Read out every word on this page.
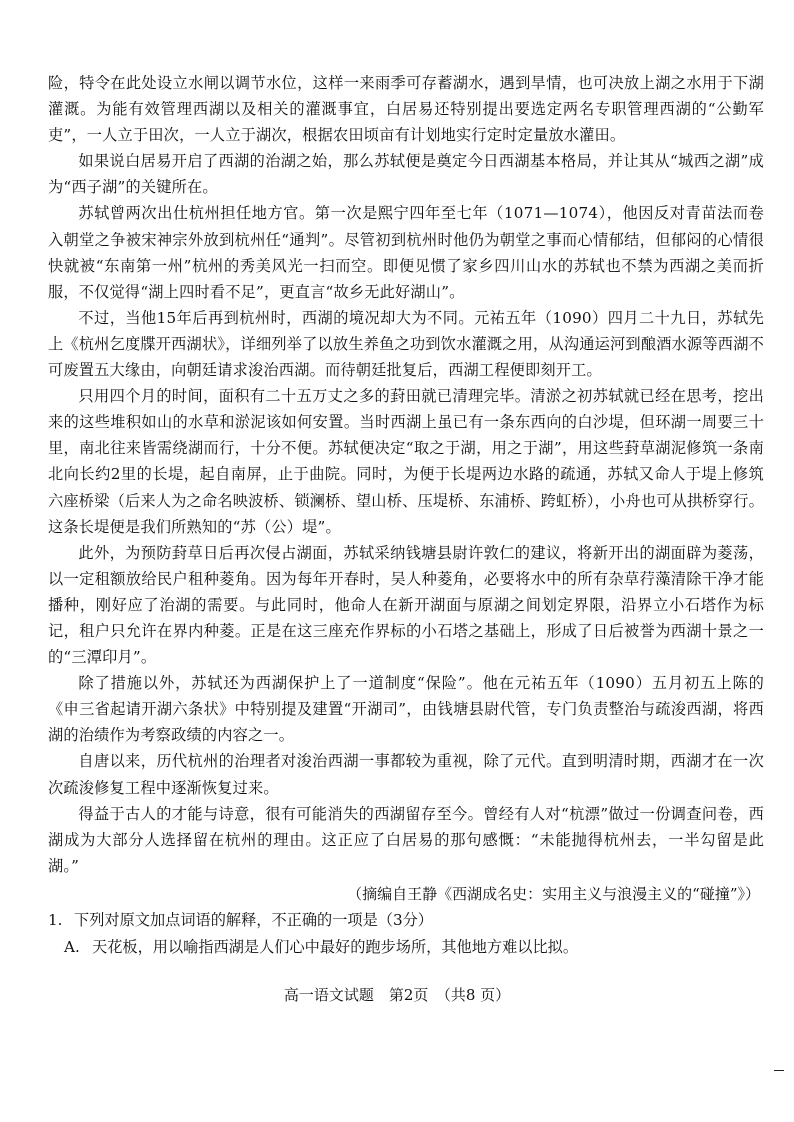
险，特令在此处设立水闸以调节水位，这样一来雨季可存蓄湖水，遇到旱情，也可决放上湖之水用于下湖灌溉。为能有效管理西湖以及相关的灌溉事宜，白居易还特别提出要选定两名专职管理西湖的“公勤军吏”，一人立于田次，一人立于湖次，根据农田顷亩有计划地实行定时定量放水灌田。

如果说白居易开启了西湖的治湖之始，那么苏轼便是奠定今日西湖基本格局，并让其从“城西之湖”成为“西子湖”的关键所在。

苏轼曾两次出仕杭州担任地方官。第一次是熙宁四年至七年（1071—1074），他因反对青苗法而卷入朝堂之争被宋神宗外放到杭州任“通判”。尽管初到杭州时他仍为朝堂之事而心情郁结，但郁闷的心情很快就被“东南第一州”杭州的秀美风光一扫而空。即便见惯了家乡四川山水的苏轼也不禁为西湖之美而折服，不仅觉得“湖上四时看不足”，更直言“故乡无此好湖山”。

不过，当他15年后再到杭州时，西湖的境况却大为不同。元祐五年（1090）四月二十九日，苏轼先上《杭州乞度牒开西湖状》，详细列举了以放生养鱼之功到饮水灌溉之用，从沟通运河到酿酒水源等西湖不可废置五大缘由，向朝廷请求浚治西湖。而待朝廷批复后，西湖工程便即刻开工。

只用四个月的时间，面积有二十五万丈之多的葑田就已清理完毕。清淤之初苏轼就已经在思考，挖出来的这些堆积如山的水草和淤泥该如何安置。当时西湖上虽已有一条东西向的白沙堤，但环湖一周要三十里，南北往来皆需绕湖而行，十分不便。苏轼便决定“取之于湖，用之于湖”，用这些葑草湖泥修筑一条南北向长约2里的长堤，起自南屏，止于曲院。同时，为便于长堤两边水路的疏通，苏轼又命人于堤上修筑六座桥梁（后来人为之命名映波桥、锁澜桥、望山桥、压堤桥、东浦桥、跨虹桥），小舟也可从拱桥穿行。这条长堤便是我们所熟知的“苏（公）堤”。

此外，为预防葑草日后再次侵占湖面，苏轼采纳钱塘县尉许敦仁的建议，将新开出的湖面辟为菱荡，以一定租额放给民户租种菱角。因为每年开春时，吴人种菱角，必要将水中的所有杂草荇藻清除干净才能播种，刚好应了治湖的需要。与此同时，他命人在新开湖面与原湖之间划定界限，沿界立小石塔作为标记，租户只允许在界内种菱。正是在这三座充作界标的小石塔之基础上，形成了日后被誉为西湖十景之一的“三潭印月”。

除了措施以外，苏轼还为西湖保护上了一道制度“保险”。他在元祐五年（1090）五月初五上陈的《申三省起请开湖六条状》中特别提及建置“开湖司”，由钱塘县尉代管，专门负责整治与疏浚西湖，将西湖的治绩作为考察政绩的内容之一。

自唐以来，历代杭州的治理者对浚治西湖一事都较为重视，除了元代。直到明清时期，西湖才在一次次疏浚修复工程中逐渐恢复过来。

得益于古人的才能与诗意，很有可能消失的西湖留存至今。曾经有人对“杭漂”做过一份调查问卷，西湖成为大部分人选择留在杭州的理由。这正应了白居易的那句感慨：“未能抛得杭州去，一半勾留是此湖。”

（摘编自王静《西湖成名史：实用主义与浪漫主义的“碰撞”》）

1. 下列对原文加点词语的解释，不正确的一项是（3分）

A. 天花板，用以喻指西湖是人们心中最好的跑步场所，其他地方难以比拟。

高一语文试题　第2页　（共8 页）
